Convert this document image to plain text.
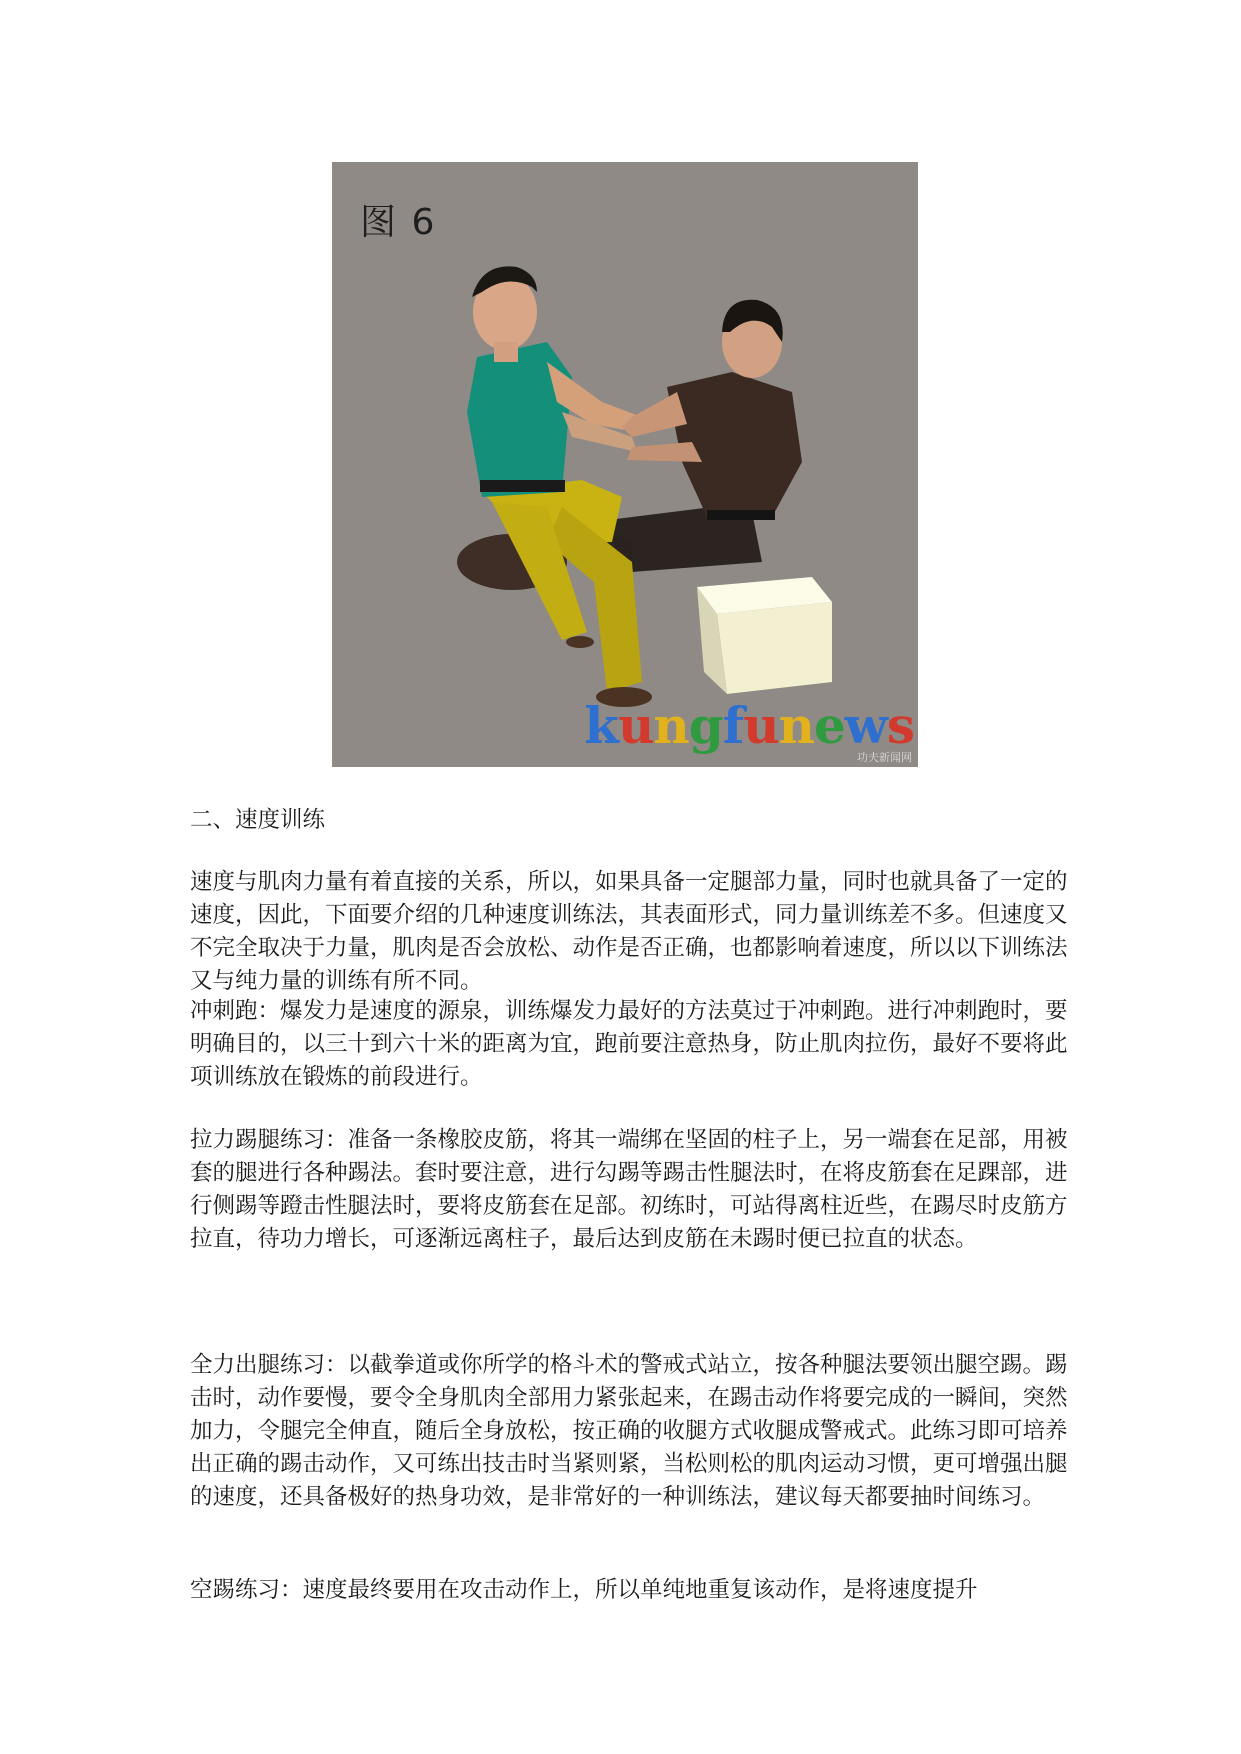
图 6
kungfunews
功夫新闻网

二、速度训练

速度与肌肉力量有着直接的关系，所以，如果具备一定腿部力量，同时也就具备了一定的速度，因此，下面要介绍的几种速度训练法，其表面形式，同力量训练差不多。但速度又不完全取决于力量，肌肉是否会放松、动作是否正确，也都影响着速度，所以以下训练法又与纯力量的训练有所不同。

冲刺跑：爆发力是速度的源泉，训练爆发力最好的方法莫过于冲刺跑。进行冲刺跑时，要明确目的，以三十到六十米的距离为宜，跑前要注意热身，防止肌肉拉伤，最好不要将此项训练放在锻炼的前段进行。

拉力踢腿练习：准备一条橡胶皮筋，将其一端绑在坚固的柱子上，另一端套在足部，用被套的腿进行各种踢法。套时要注意，进行勾踢等踢击性腿法时，在将皮筋套在足踝部，进行侧踢等蹬击性腿法时，要将皮筋套在足部。初练时，可站得离柱近些，在踢尽时皮筋方拉直，待功力增长，可逐渐远离柱子，最后达到皮筋在未踢时便已拉直的状态。

全力出腿练习：以截拳道或你所学的格斗术的警戒式站立，按各种腿法要领出腿空踢。踢击时，动作要慢，要令全身肌肉全部用力紧张起来，在踢击动作将要完成的一瞬间，突然加力，令腿完全伸直，随后全身放松，按正确的收腿方式收腿成警戒式。此练习即可培养出正确的踢击动作，又可练出技击时当紧则紧，当松则松的肌肉运动习惯，更可增强出腿的速度，还具备极好的热身功效，是非常好的一种训练法，建议每天都要抽时间练习。

空踢练习：速度最终要用在攻击动作上，所以单纯地重复该动作，是将速度提升
